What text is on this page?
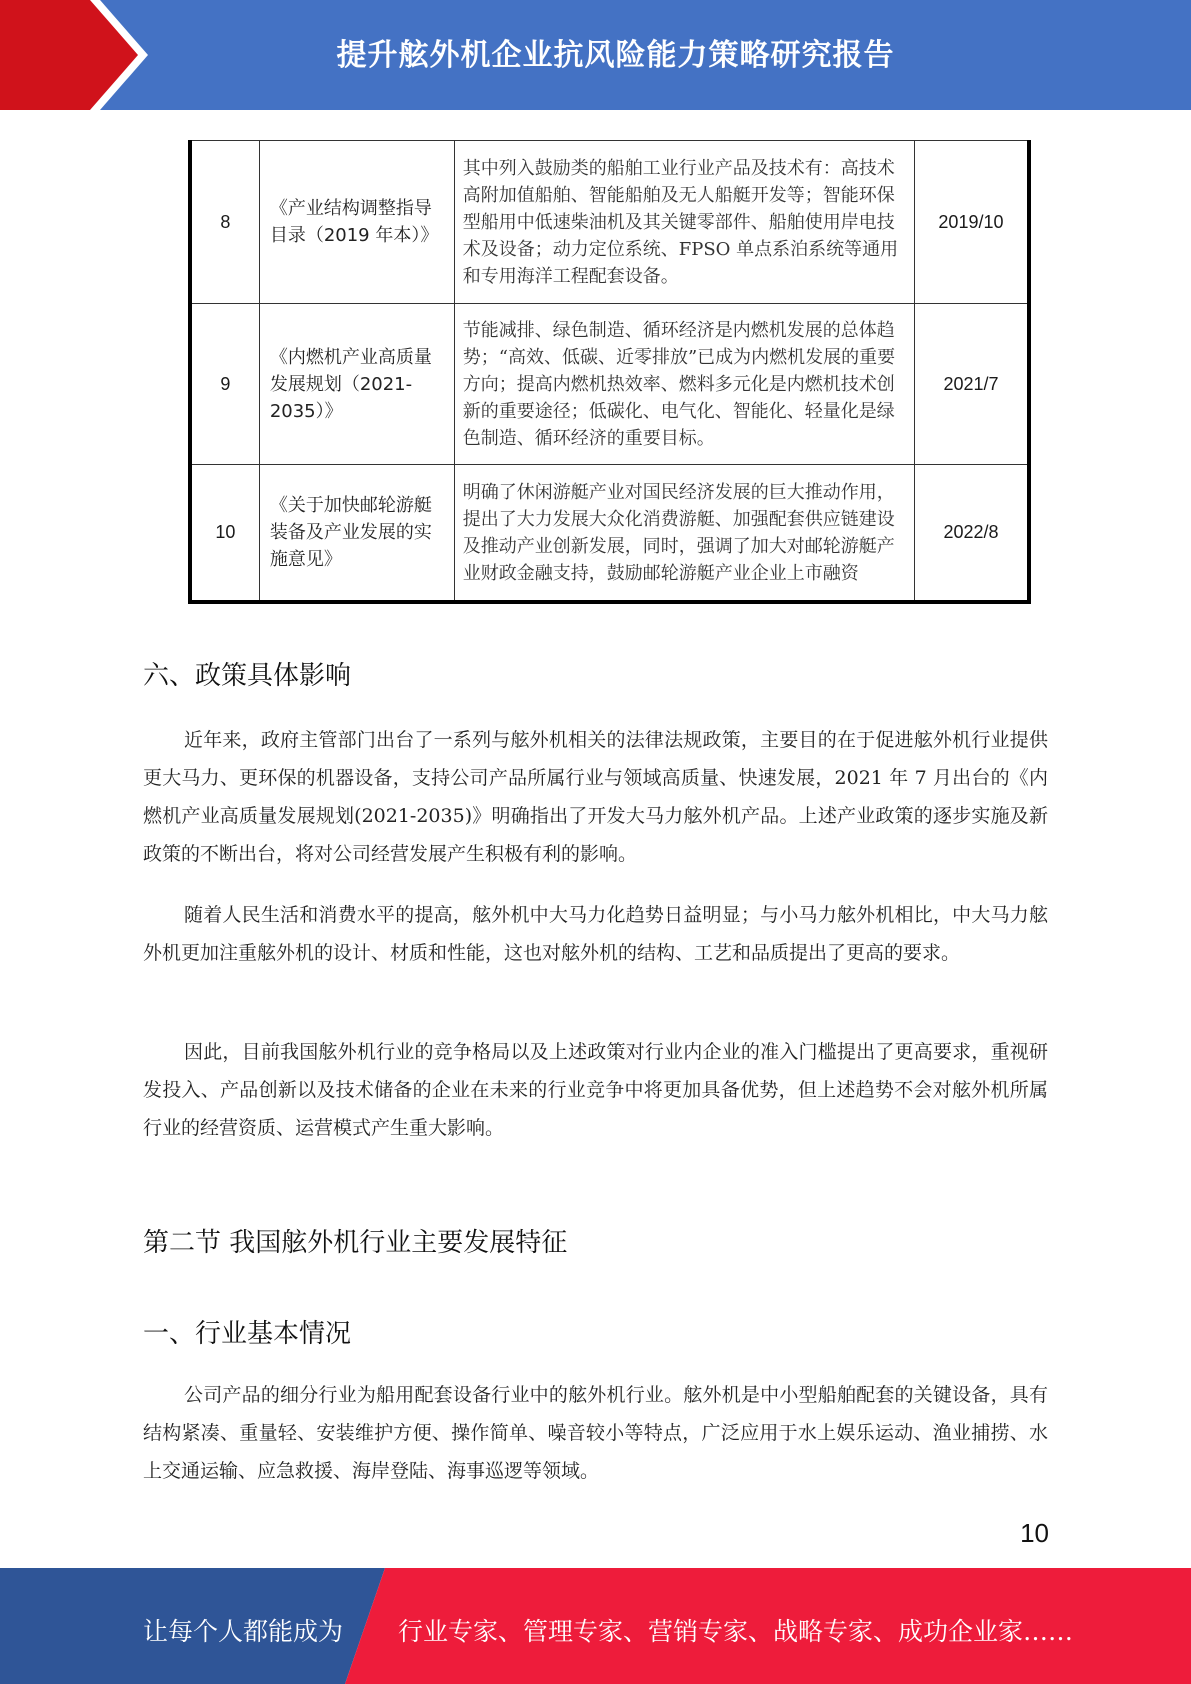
提升舷外机企业抗风险能力策略研究报告
8	《产业结构调整指导目录（2019 年本）》	其中列入鼓励类的船舶工业行业产品及技术有：高技术高附加值船舶、智能船舶及无人船艇开发等；智能环保型船用中低速柴油机及其关键零部件、船舶使用岸电技术及设备；动力定位系统、FPSO 单点系泊系统等通用和专用海洋工程配套设备。	2019/10
9	《内燃机产业高质量发展规划（2021-2035）》	节能减排、绿色制造、循环经济是内燃机发展的总体趋势；“高效、低碳、近零排放”已成为内燃机发展的重要方向；提高内燃机热效率、燃料多元化是内燃机技术创新的重要途径；低碳化、电气化、智能化、轻量化是绿色制造、循环经济的重要目标。	2021/7
10	《关于加快邮轮游艇装备及产业发展的实施意见》	明确了休闲游艇产业对国民经济发展的巨大推动作用，提出了大力发展大众化消费游艇、加强配套供应链建设及推动产业创新发展，同时，强调了加大对邮轮游艇产业财政金融支持，鼓励邮轮游艇产业企业上市融资	2022/8
六、政策具体影响

近年来，政府主管部门出台了一系列与舷外机相关的法律法规政策，主要目的在于促进舷外机行业提供更大马力、更环保的机器设备，支持公司产品所属行业与领域高质量、快速发展，2021 年 7 月出台的《内燃机产业高质量发展规划(2021-2035)》明确指出了开发大马力舷外机产品。上述产业政策的逐步实施及新政策的不断出台，将对公司经营发展产生积极有利的影响。

随着人民生活和消费水平的提高，舷外机中大马力化趋势日益明显；与小马力舷外机相比，中大马力舷外机更加注重舷外机的设计、材质和性能，这也对舷外机的结构、工艺和品质提出了更高的要求。

因此，目前我国舷外机行业的竞争格局以及上述政策对行业内企业的准入门槛提出了更高要求，重视研发投入、产品创新以及技术储备的企业在未来的行业竞争中将更加具备优势，但上述趋势不会对舷外机所属行业的经营资质、运营模式产生重大影响。

第二节 我国舷外机行业主要发展特征
一、行业基本情况

公司产品的细分行业为船用配套设备行业中的舷外机行业。舷外机是中小型船舶配套的关键设备，具有结构紧凑、重量轻、安装维护方便、操作简单、噪音较小等特点，广泛应用于水上娱乐运动、渔业捕捞、水上交通运输、应急救援、海岸登陆、海事巡逻等领域。

10
让每个人都能成为 行业专家、管理专家、营销专家、战略专家、成功企业家……
